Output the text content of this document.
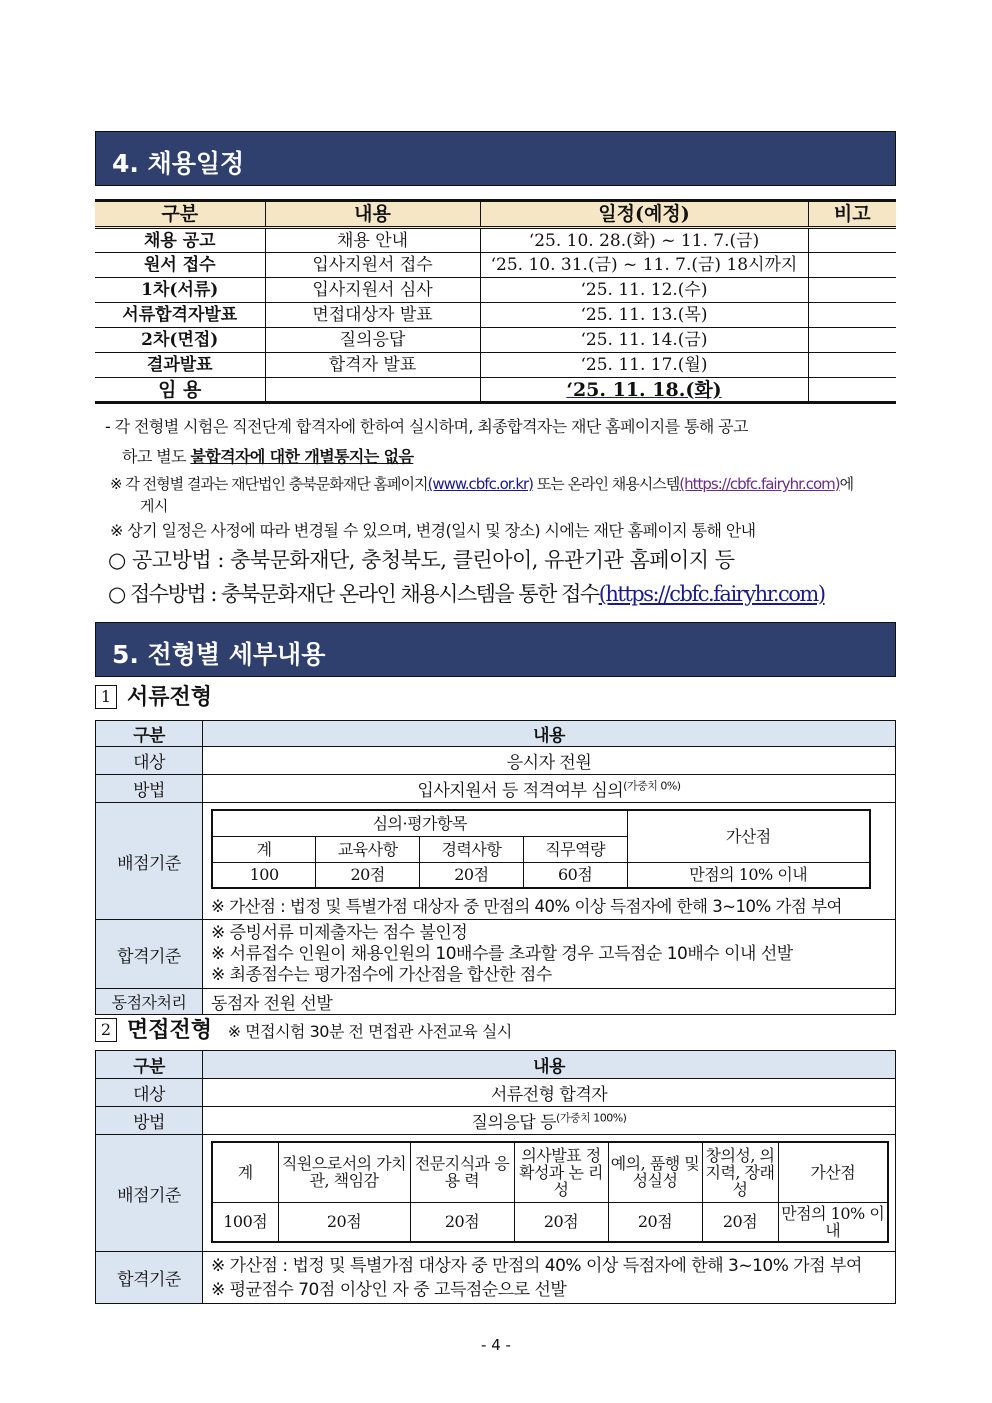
4. 채용일정
구분	내용	일정(예정)	비고
채용 공고	채용 안내	‘25. 10. 28.(화) ~ 11. 7.(금)	
원서 접수	입사지원서 접수	‘25. 10. 31.(금) ~ 11. 7.(금) 18시까지	
1차(서류)	입사지원서 심사	‘25. 11. 12.(수)	
서류합격자발표	면접대상자 발표	‘25. 11. 13.(목)	
2차(면접)	질의응답	‘25. 11. 14.(금)	
결과발표	합격자 발표	‘25. 11. 17.(월)	
임 용		‘25. 11. 18.(화)	
- 각 전형별 시험은 직전단계 합격자에 한하여 실시하며, 최종합격자는 재단 홈페이지를 통해 공고
하고 별도 불합격자에 대한 개별통지는 없음
※ 각 전형별 결과는 재단법인 충북문화재단 홈페이지(www.cbfc.or.kr) 또는 온라인 채용시스템(https://cbfc.fairyhr.com)에
게시
※ 상기 일정은 사정에 따라 변경될 수 있으며, 변경(일시 및 장소) 시에는 재단 홈페이지 통해 안내
○ 공고방법 : 충북문화재단, 충청북도, 클린아이, 유관기관 홈페이지 등
○ 접수방법 : 충북문화재단 온라인 채용시스템을 통한 접수(https://cbfc.fairyhr.com)
5. 전형별 세부내용
1 서류전형
구분	내용
대상	응시자 전원
방법	입사지원서 등 적격여부 심의$^{(가중치 0\%)}$
배점기준	
심의·평가항목	가산점
계	교육사항	경력사항	직무역량
100	20점	20점	60점	만점의 10% 이내
※ 가산점 : 법정 및 특별가점 대상자 중 만점의 40% 이상 득점자에 한해 3~10% 가점 부여

합격기준	
※ 증빙서류 미제출자는 점수 불인정
※ 서류접수 인원이 채용인원의 10배수를 초과할 경우 고득점순 10배수 이내 선발
※ 최종점수는 평가점수에 가산점을 합산한 점수

동점자처리	동점자 전원 선발
2 면접전형 ※ 면접시험 30분 전 면접관 사전교육 실시
구분	내용
대상	서류전형 합격자
방법	질의응답 등$^{(가중치 100\%)}$
배점기준	
계	직원으로서의 가치관, 책임감	전문지식과 응 용 력	의사발표 정확성과 논 리 성	예의, 품행 및 성실성	창의성, 의지력, 장래성	가산점
100점	20점	20점	20점	20점	20점	만점의 10% 이내

합격기준	
※ 가산점 : 법정 및 특별가점 대상자 중 만점의 40% 이상 득점자에 한해 3~10% 가점 부여
※ 평균점수 70점 이상인 자 중 고득점순으로 선발
- 4 -
